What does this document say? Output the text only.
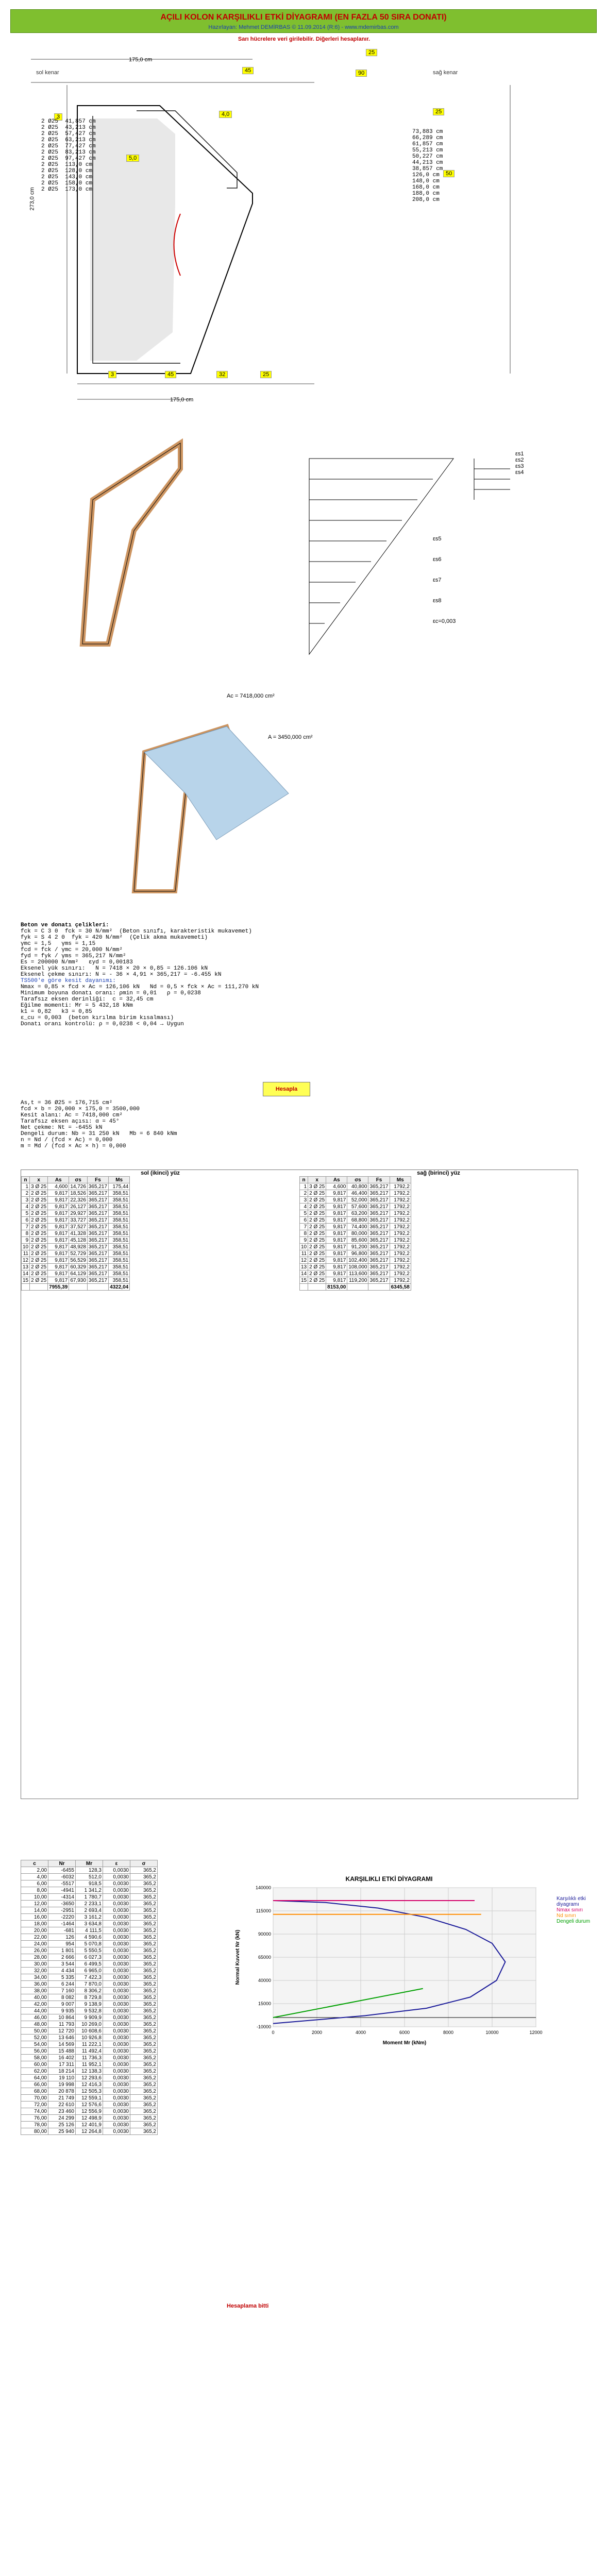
AÇILI KOLON KARŞILIKLI ETKİ DİYAGRAMI (EN FAZLA 50 SIRA DONATI)
Hazırlayan: Mehmet DEMİRBAS © 11.09.2014 (R:6) - www.mdemirbas.com
Sarı hücrelere veri girilebilir. Diğerleri hesaplanır.
175,0 cm
sağ kenar
sol kenar
175,0 cm
273,0 cm
25
45	90
3	4,0
5,0
25
50
3	45	32	25
2 Ø25 41,857 cm
2 Ø25 43,213 cm
2 Ø25 57,427 cm
2 Ø25 63,213 cm
2 Ø25 77,427 cm
2 Ø25 83,213 cm
2 Ø25 97,427 cm
2 Ø25 113,0 cm
2 Ø25 128,0 cm
2 Ø25 143,0 cm
2 Ø25 158,0 cm
2 Ø25 173,0 cm
73,883 cm
66,289 cm
61,857 cm
55,213 cm
50,227 cm
44,213 cm
38,857 cm
126,0 cm
148,0 cm
168,0 cm
188,0 cm
208,0 cm
εs1
εs2
εs3
εs4
εs5
εs6
εs7
εs8
εc=0,003
Ac = 7418,000 cm²
A = 3450,000 cm²
Beton ve donatı çelikleri:
fck = C 3 0  fck = 30 N/mm²  (Beton sınıfı, karakteristik mukavemet)
fyk = S 4 2 0  fyk = 420 N/mm²  (Çelik akma mukavemeti)
γmc = 1,5   γms = 1,15
fcd = fck / γmc = 20,000 N/mm²
fyd = fyk / γms = 365,217 N/mm²
Es = 200000 N/mm²   εyd = 0,00183
Eksenel yük sınırı:   N = 7418 × 20 × 0,85 = 126.106 kN
Eksenel çekme sınırı: N = - 36 × 4,91 × 365,217 = -6.455 kN
TS500'e göre kesit dayanımı:
Nmax = 0,85 × fcd × Ac = 126,106 kN   Nd = 0,5 × fck × Ac = 111,270 kN
Minimum boyuna donatı oranı: ρmin = 0,01   ρ = 0,0238
Tarafsız eksen derinliği:  c = 32,45 cm
Eğilme momenti: Mr = 5 432,18 kNm
k1 = 0,82   k3 = 0,85
ε_cu = 0,003  (beton kırılma birim kısalması)
Donatı oranı kontrolü: ρ = 0,0238 < 0,04 → Uygun
Hesapla
As,t = 36 Ø25 = 176,715 cm²
fcd × b = 20,000 × 175,0 = 3500,000
Kesit alanı: Ac = 7418,000 cm²
Tarafsız eksen açısı: α = 45°
Net çekme: Nt = -6455 kN
Dengeli durum: Nb = 31 250 kN   Mb = 6 840 kNm
n = Nd / (fcd × Ac) = 0,000
m = Md / (fcd × Ac × h) = 0,000
sol (ikinci) yüz
n	x	As	σs	Fs	Ms
1	3 Ø 25	4,600	14,726	365,217	175,44
2	2 Ø 25	9,817	18,526	365,217	358,51
3	2 Ø 25	9,817	22,326	365,217	358,51
4	2 Ø 25	9,817	26,127	365,217	358,51
5	2 Ø 25	9,817	29,927	365,217	358,51
6	2 Ø 25	9,817	33,727	365,217	358,51
7	2 Ø 25	9,817	37,527	365,217	358,51
8	2 Ø 25	9,817	41,328	365,217	358,51
9	2 Ø 25	9,817	45,128	365,217	358,51
10	2 Ø 25	9,817	48,928	365,217	358,51
11	2 Ø 25	9,817	52,729	365,217	358,51
12	2 Ø 25	9,817	56,529	365,217	358,51
13	2 Ø 25	9,817	60,329	365,217	358,51
14	2 Ø 25	9,817	64,129	365,217	358,51
15	2 Ø 25	9,817	67,930	365,217	358,51
		7955,39			4322,04
sağ (birinci) yüz
n	x	As	σs	Fs	Ms
1	3 Ø 25	4,600	40,800	365,217	1792,2
2	2 Ø 25	9,817	46,400	365,217	1792,2
3	2 Ø 25	9,817	52,000	365,217	1792,2
4	2 Ø 25	9,817	57,600	365,217	1792,2
5	2 Ø 25	9,817	63,200	365,217	1792,2
6	2 Ø 25	9,817	68,800	365,217	1792,2
7	2 Ø 25	9,817	74,400	365,217	1792,2
8	2 Ø 25	9,817	80,000	365,217	1792,2
9	2 Ø 25	9,817	85,600	365,217	1792,2
10	2 Ø 25	9,817	91,200	365,217	1792,2
11	2 Ø 25	9,817	96,800	365,217	1792,2
12	2 Ø 25	9,817	102,400	365,217	1792,2
13	2 Ø 25	9,817	108,000	365,217	1792,2
14	2 Ø 25	9,817	113,600	365,217	1792,2
15	2 Ø 25	9,817	119,200	365,217	1792,2
		8153,00			6345,58
KARŞILIKLI ETKİ DİYAGRAMI
0	2000	4000	6000	8000	10000	12000
-10000
15000
40000
65000
90000
115000
140000
Moment Mr (kNm)
Normal Kuvvet Nr (kN)
Karşılıklı etki diyagramı
Nmax sınırı
Nd sınırı
Dengeli durum
Hesaplama bitti
c	Nr	Mr	ε	σ
2,00	-6455	128,3	0,0030	365,2
4,00	-6032	512,0	0,0030	365,2
6,00	-5517	918,5	0,0030	365,2
8,00	-4941	1 341,2	0,0030	365,2
10,00	-4314	1 780,7	0,0030	365,2
12,00	-3650	2 233,1	0,0030	365,2
14,00	-2951	2 693,4	0,0030	365,2
16,00	-2220	3 161,2	0,0030	365,2
18,00	-1464	3 634,8	0,0030	365,2
20,00	-681	4 111,5	0,0030	365,2
22,00	126	4 590,6	0,0030	365,2
24,00	954	5 070,8	0,0030	365,2
26,00	1 801	5 550,5	0,0030	365,2
28,00	2 666	6 027,3	0,0030	365,2
30,00	3 544	6 499,5	0,0030	365,2
32,00	4 434	6 965,0	0,0030	365,2
34,00	5 335	7 422,3	0,0030	365,2
36,00	6 244	7 870,0	0,0030	365,2
38,00	7 160	8 306,2	0,0030	365,2
40,00	8 082	8 729,8	0,0030	365,2
42,00	9 007	9 138,9	0,0030	365,2
44,00	9 935	9 532,8	0,0030	365,2
46,00	10 864	9 909,9	0,0030	365,2
48,00	11 793	10 269,0	0,0030	365,2
50,00	12 720	10 608,6	0,0030	365,2
52,00	13 646	10 926,8	0,0030	365,2
54,00	14 569	11 222,1	0,0030	365,2
56,00	15 488	11 492,4	0,0030	365,2
58,00	16 402	11 736,3	0,0030	365,2
60,00	17 311	11 952,1	0,0030	365,2
62,00	18 214	12 138,3	0,0030	365,2
64,00	19 110	12 293,6	0,0030	365,2
66,00	19 998	12 416,3	0,0030	365,2
68,00	20 878	12 505,3	0,0030	365,2
70,00	21 749	12 559,1	0,0030	365,2
72,00	22 610	12 576,6	0,0030	365,2
74,00	23 460	12 556,9	0,0030	365,2
76,00	24 299	12 498,9	0,0030	365,2
78,00	25 126	12 401,9	0,0030	365,2
80,00	25 940	12 264,8	0,0030	365,2
